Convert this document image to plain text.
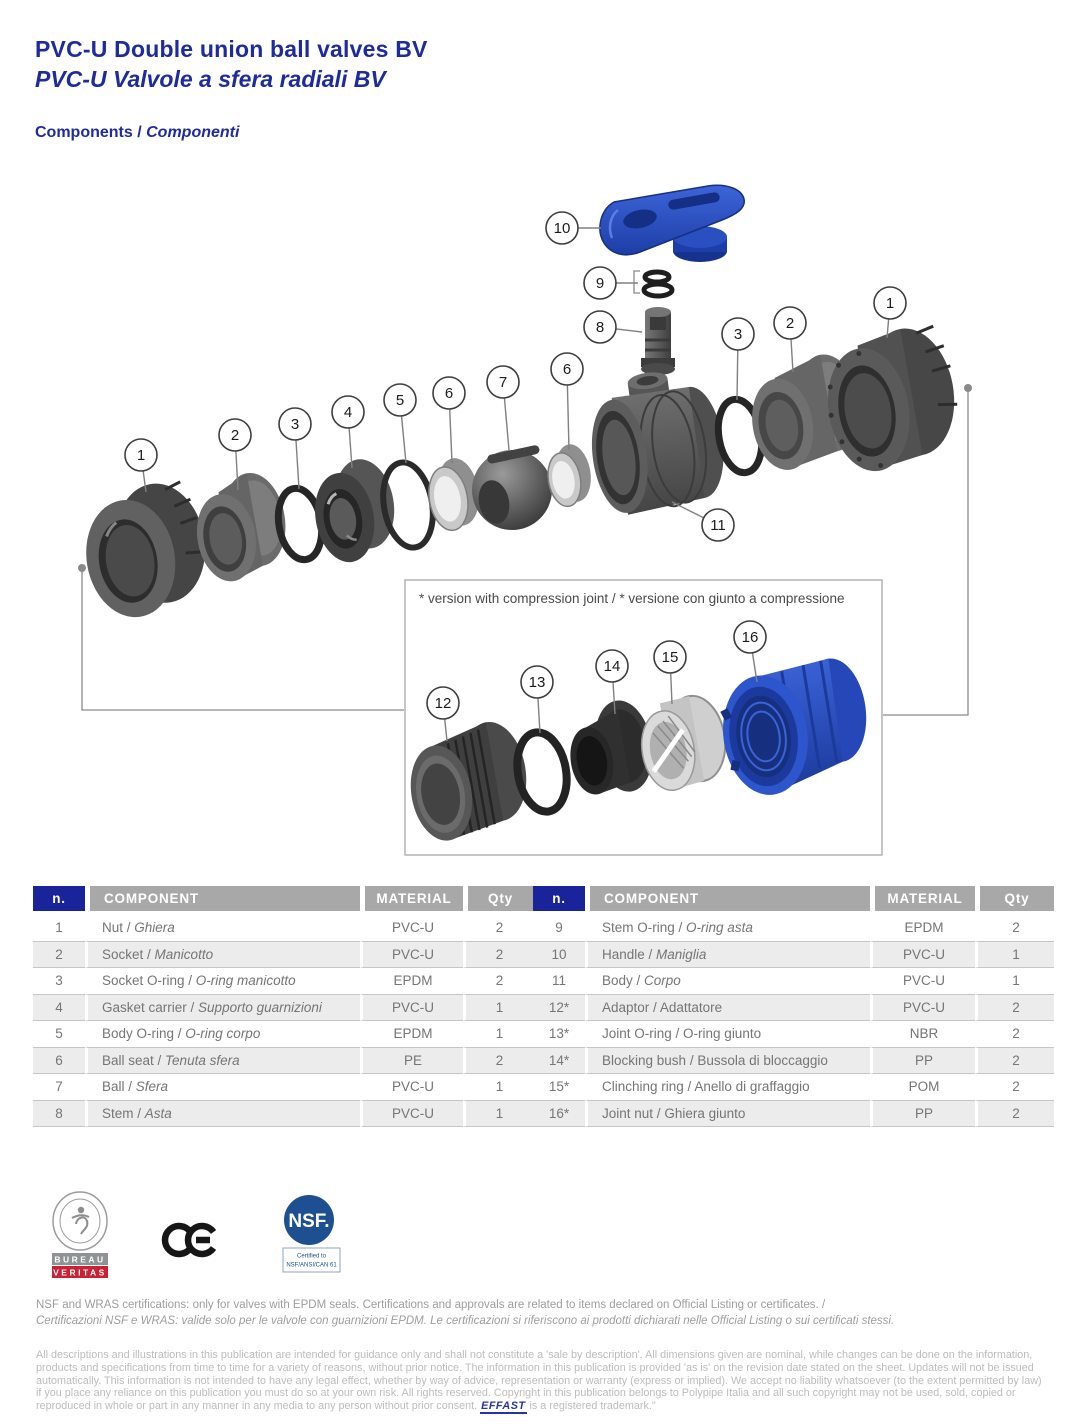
PVC-U Double union ball valves BV
PVC-U Valvole a sfera radiali BV
Components / Componenti
* version with compression joint / * versione con giunto a compressione
10
9
8
1
2
3
4
5	6
7
6
3
2
1
11
12
13
14
15
16
n.	COMPONENT	MATERIAL	Qty
1	Nut / Ghiera	PVC-U	2
2	Socket / Manicotto	PVC-U	2
3	Socket O-ring / O-ring manicotto	EPDM	2
4	Gasket carrier / Supporto guarnizioni	PVC-U	1
5	Body O-ring / O-ring corpo	EPDM	1
6	Ball seat / Tenuta sfera	PE	2
7	Ball / Sfera	PVC-U	1
8	Stem / Asta	PVC-U	1
n.	COMPONENT	MATERIAL	Qty
9	Stem O-ring / O-ring asta	EPDM	2
10	Handle / Maniglia	PVC-U	1
11	Body / Corpo	PVC-U	1
12*	Adaptor / Adattatore	PVC-U	2
13*	Joint O-ring / O-ring giunto	NBR	2
14*	Blocking bush / Bussola di bloccaggio	PP	2
15*	Clinching ring / Anello di graffaggio	POM	2
16*	Joint nut / Ghiera giunto	PP	2
BUREAU
VERITAS
NSF.
Certified to
NSF/ANSI/CAN 61
NSF and WRAS certifications: only for valves with EPDM seals. Certifications and approvals are related to items declared on Official Listing or certificates. /
Certificazioni NSF e WRAS: valide solo per le valvole con guarnizioni EPDM. Le certificazioni si riferiscono ai prodotti dichiarati nelle Official Listing o sui certificati stessi.
All descriptions and illustrations in this publication are intended for guidance only and shall not constitute a 'sale by description'. All dimensions given are nominal, while changes can be done on the information, products and specifications from time to time for a variety of reasons, without prior notice. The information in this publication is provided 'as is' on the revision date stated on the sheet. Updates will not be issued automatically. This information is not intended to have any legal effect, whether by way of advice, representation or warranty (express or implied). We accept no liability whatsoever (to the extent permitted by law) if you place any reliance on this publication you must do so at your own risk. All rights reserved. Copyright in this publication belongs to Polypipe Italia and all such copyright may not be used, sold, copied or reproduced in whole or part in any manner in any media to any person without prior consent. EFFAST is a registered trademark."
